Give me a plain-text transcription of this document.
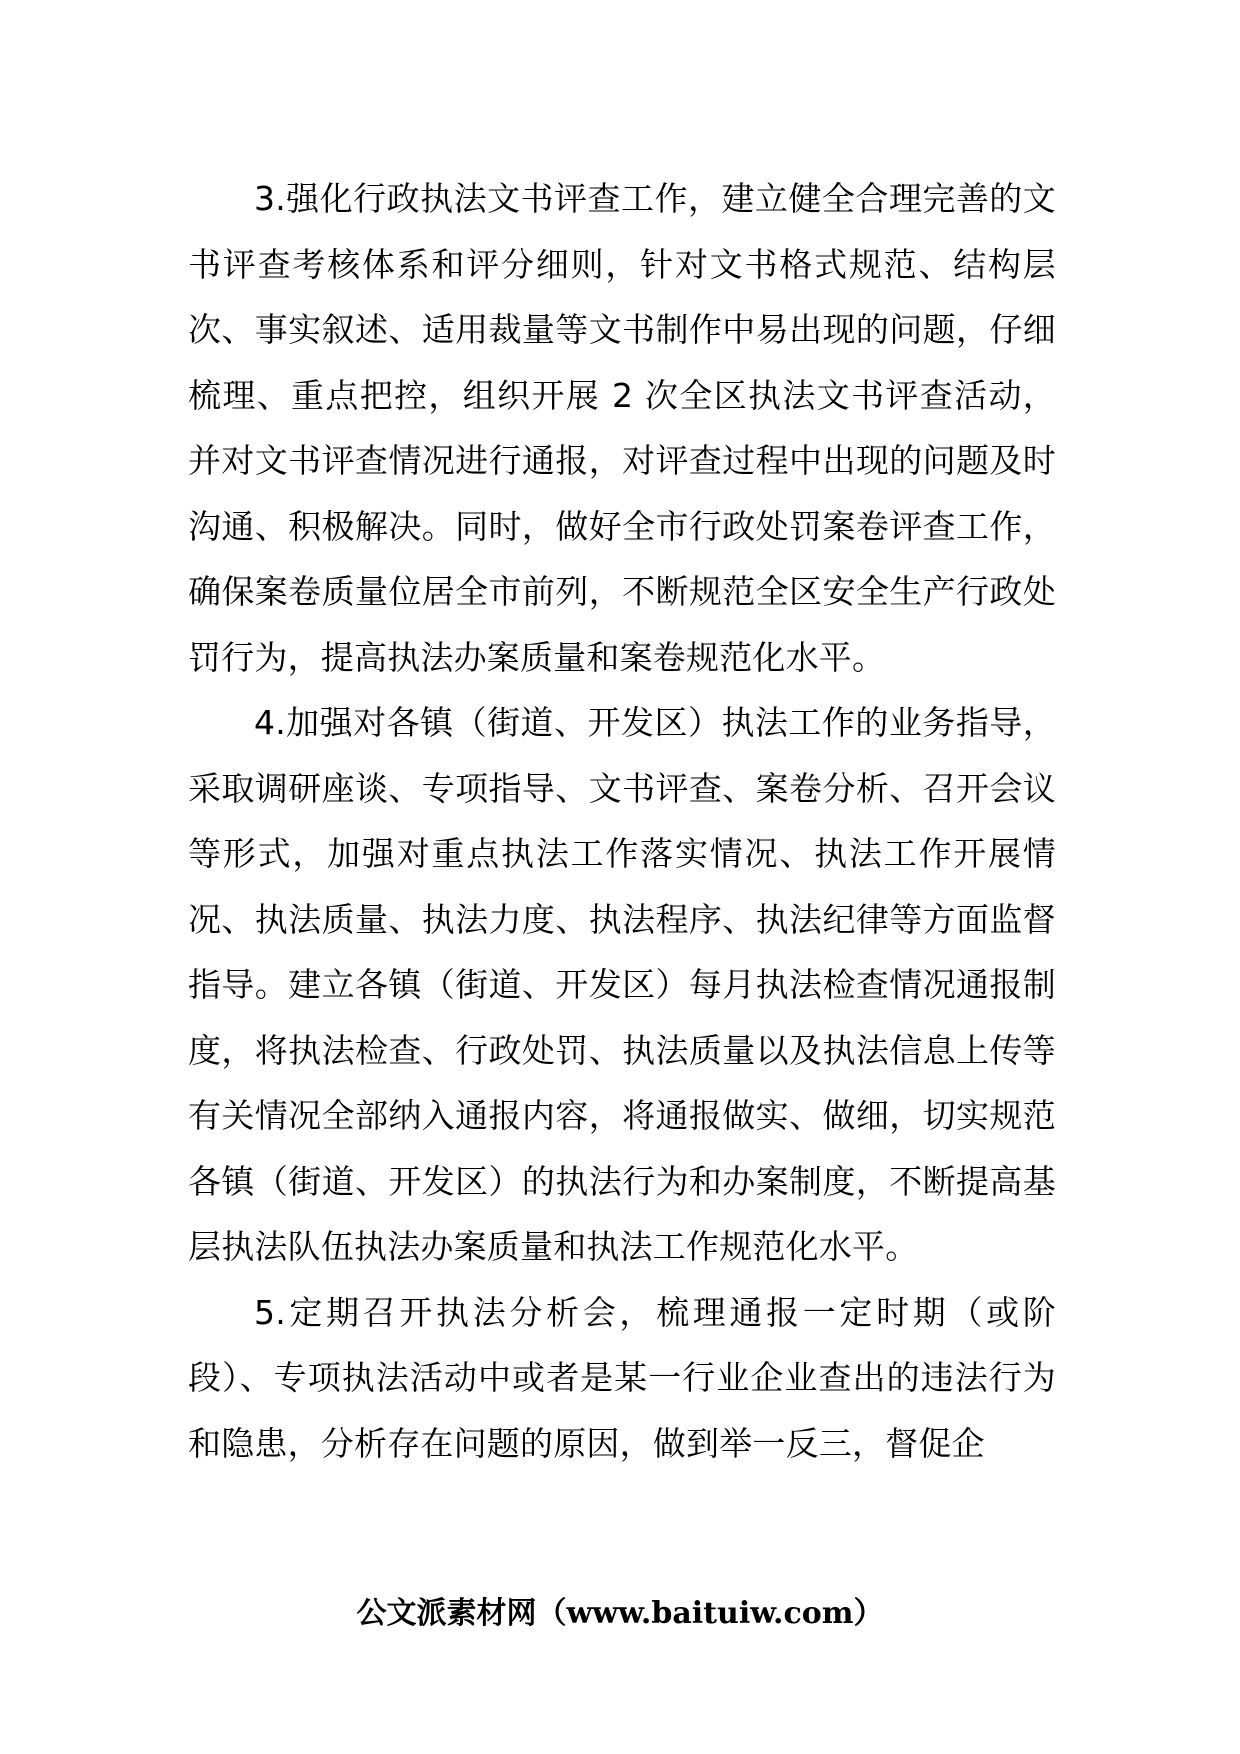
3.强化行政执法文书评查工作，建立健全合理完善的文书评查考核体系和评分细则，针对文书格式规范、结构层次、事实叙述、适用裁量等文书制作中易出现的问题，仔细梳理、重点把控，组织开展 2 次全区执法文书评查活动，并对文书评查情况进行通报，对评查过程中出现的问题及时沟通、积极解决。同时，做好全市行政处罚案卷评查工作，确保案卷质量位居全市前列，不断规范全区安全生产行政处罚行为，提高执法办案质量和案卷规范化水平。

4.加强对各镇（街道、开发区）执法工作的业务指导，采取调研座谈、专项指导、文书评查、案卷分析、召开会议等形式，加强对重点执法工作落实情况、执法工作开展情况、执法质量、执法力度、执法程序、执法纪律等方面监督指导。建立各镇（街道、开发区）每月执法检查情况通报制度，将执法检查、行政处罚、执法质量以及执法信息上传等有关情况全部纳入通报内容，将通报做实、做细，切实规范各镇（街道、开发区）的执法行为和办案制度，不断提高基层执法队伍执法办案质量和执法工作规范化水平。

5.定期召开执法分析会，梳理通报一定时期（或阶段）、专项执法活动中或者是某一行业企业查出的违法行为和隐患，分析存在问题的原因，做到举一反三，督促企

公文派素材网（www.baituiw.com）
